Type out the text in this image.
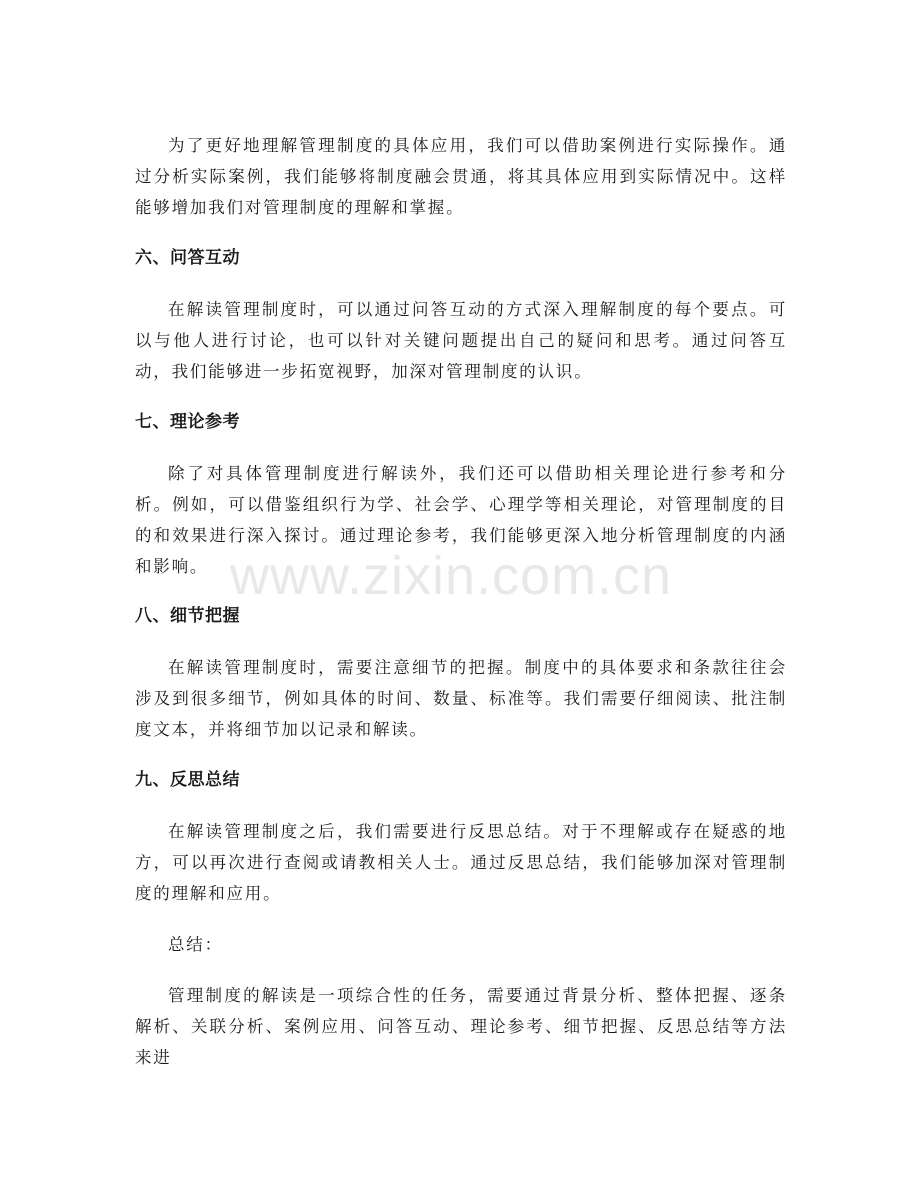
为了更好地理解管理制度的具体应用，我们可以借助案例进行实际操作。通过分析实际案例，我们能够将制度融会贯通，将其具体应用到实际情况中。这样能够增加我们对管理制度的理解和掌握。

六、问答互动

在解读管理制度时，可以通过问答互动的方式深入理解制度的每个要点。可以与他人进行讨论，也可以针对关键问题提出自己的疑问和思考。通过问答互动，我们能够进一步拓宽视野，加深对管理制度的认识。

七、理论参考

除了对具体管理制度进行解读外，我们还可以借助相关理论进行参考和分析。例如，可以借鉴组织行为学、社会学、心理学等相关理论，对管理制度的目的和效果进行深入探讨。通过理论参考，我们能够更深入地分析管理制度的内涵和影响。

八、细节把握

在解读管理制度时，需要注意细节的把握。制度中的具体要求和条款往往会涉及到很多细节，例如具体的时间、数量、标准等。我们需要仔细阅读、批注制度文本，并将细节加以记录和解读。

九、反思总结

在解读管理制度之后，我们需要进行反思总结。对于不理解或存在疑惑的地方，可以再次进行查阅或请教相关人士。通过反思总结，我们能够加深对管理制度的理解和应用。

总结：

管理制度的解读是一项综合性的任务，需要通过背景分析、整体把握、逐条解析、关联分析、案例应用、问答互动、理论参考、细节把握、反思总结等方法来进

www.zixin.com.cn
